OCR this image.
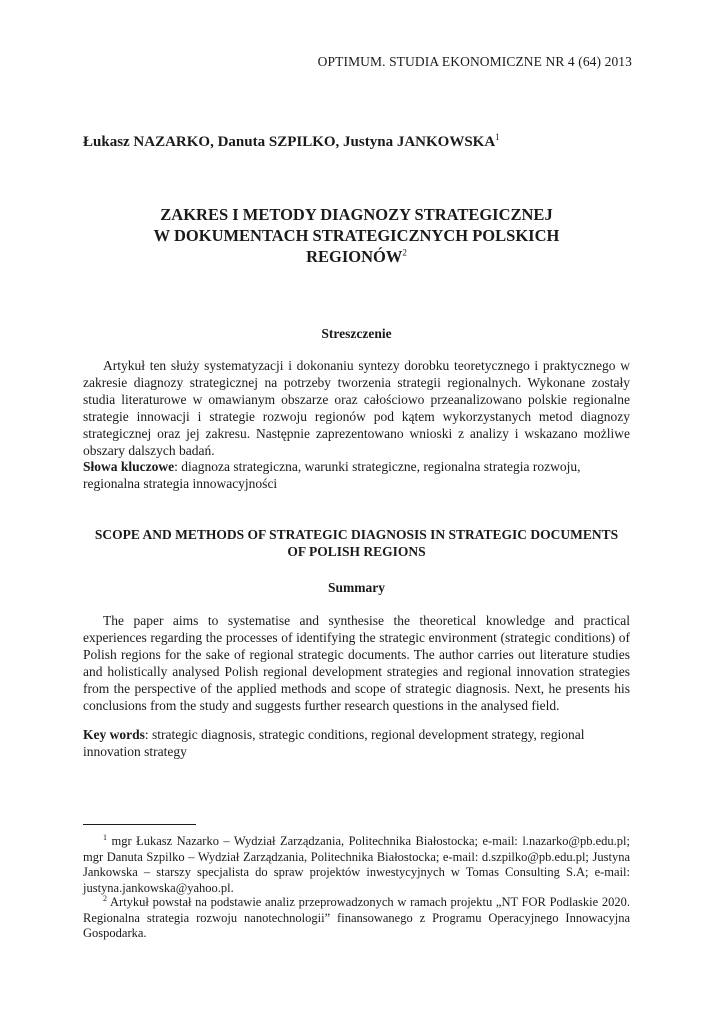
OPTIMUM. STUDIA EKONOMICZNE NR 4 (64) 2013
Łukasz NAZARKO, Danuta SZPILKO, Justyna JANKOWSKA$^1$
ZAKRES I METODY DIAGNOZY STRATEGICZNEJ
W DOKUMENTACH STRATEGICZNYCH POLSKICH
REGIONÓW$^2$
Streszczenie

Artykuł ten służy systematyzacji i dokonaniu syntezy dorobku teoretycznego i praktycznego w zakresie diagnozy strategicznej na potrzeby tworzenia strategii regionalnych. Wykonane zostały studia literaturowe w omawianym obszarze oraz całościowo przeanalizowano polskie regionalne strategie innowacji i strategie rozwoju regionów pod kątem wykorzystanych metod diagnozy strategicznej oraz jej zakresu. Następnie zaprezentowano wnioski z analizy i wskazano możliwe obszary dalszych badań.

Słowa kluczowe: diagnoza strategiczna, warunki strategiczne, regionalna strategia rozwoju, regionalna strategia innowacyjności

SCOPE AND METHODS OF STRATEGIC DIAGNOSIS IN STRATEGIC DOCUMENTS
OF POLISH REGIONS
Summary

The paper aims to systematise and synthesise the theoretical knowledge and practical experiences regarding the processes of identifying the strategic environment (strategic conditions) of Polish regions for the sake of regional strategic documents. The author carries out literature studies and holistically analysed Polish regional development strategies and regional innovation strategies from the perspective of the applied methods and scope of strategic diagnosis. Next, he presents his conclusions from the study and suggests further research questions in the analysed field.

Key words: strategic diagnosis, strategic conditions, regional development strategy, regional innovation strategy

$^1$ mgr Łukasz Nazarko – Wydział Zarządzania, Politechnika Białostocka; e-mail: l.nazarko@pb.edu.pl; mgr Danuta Szpilko – Wydział Zarządzania, Politechnika Białostocka; e-mail: d.szpilko@pb.edu.pl; Justyna Jankowska – starszy specjalista do spraw projektów inwestycyjnych w Tomas Consulting S.A; e-mail: justyna.jankowska@yahoo.pl.

$^2$ Artykuł powstał na podstawie analiz przeprowadzonych w ramach projektu „NT FOR Podlaskie 2020. Regionalna strategia rozwoju nanotechnologii” finansowanego z Programu Operacyjnego Innowacyjna Gospodarka.
